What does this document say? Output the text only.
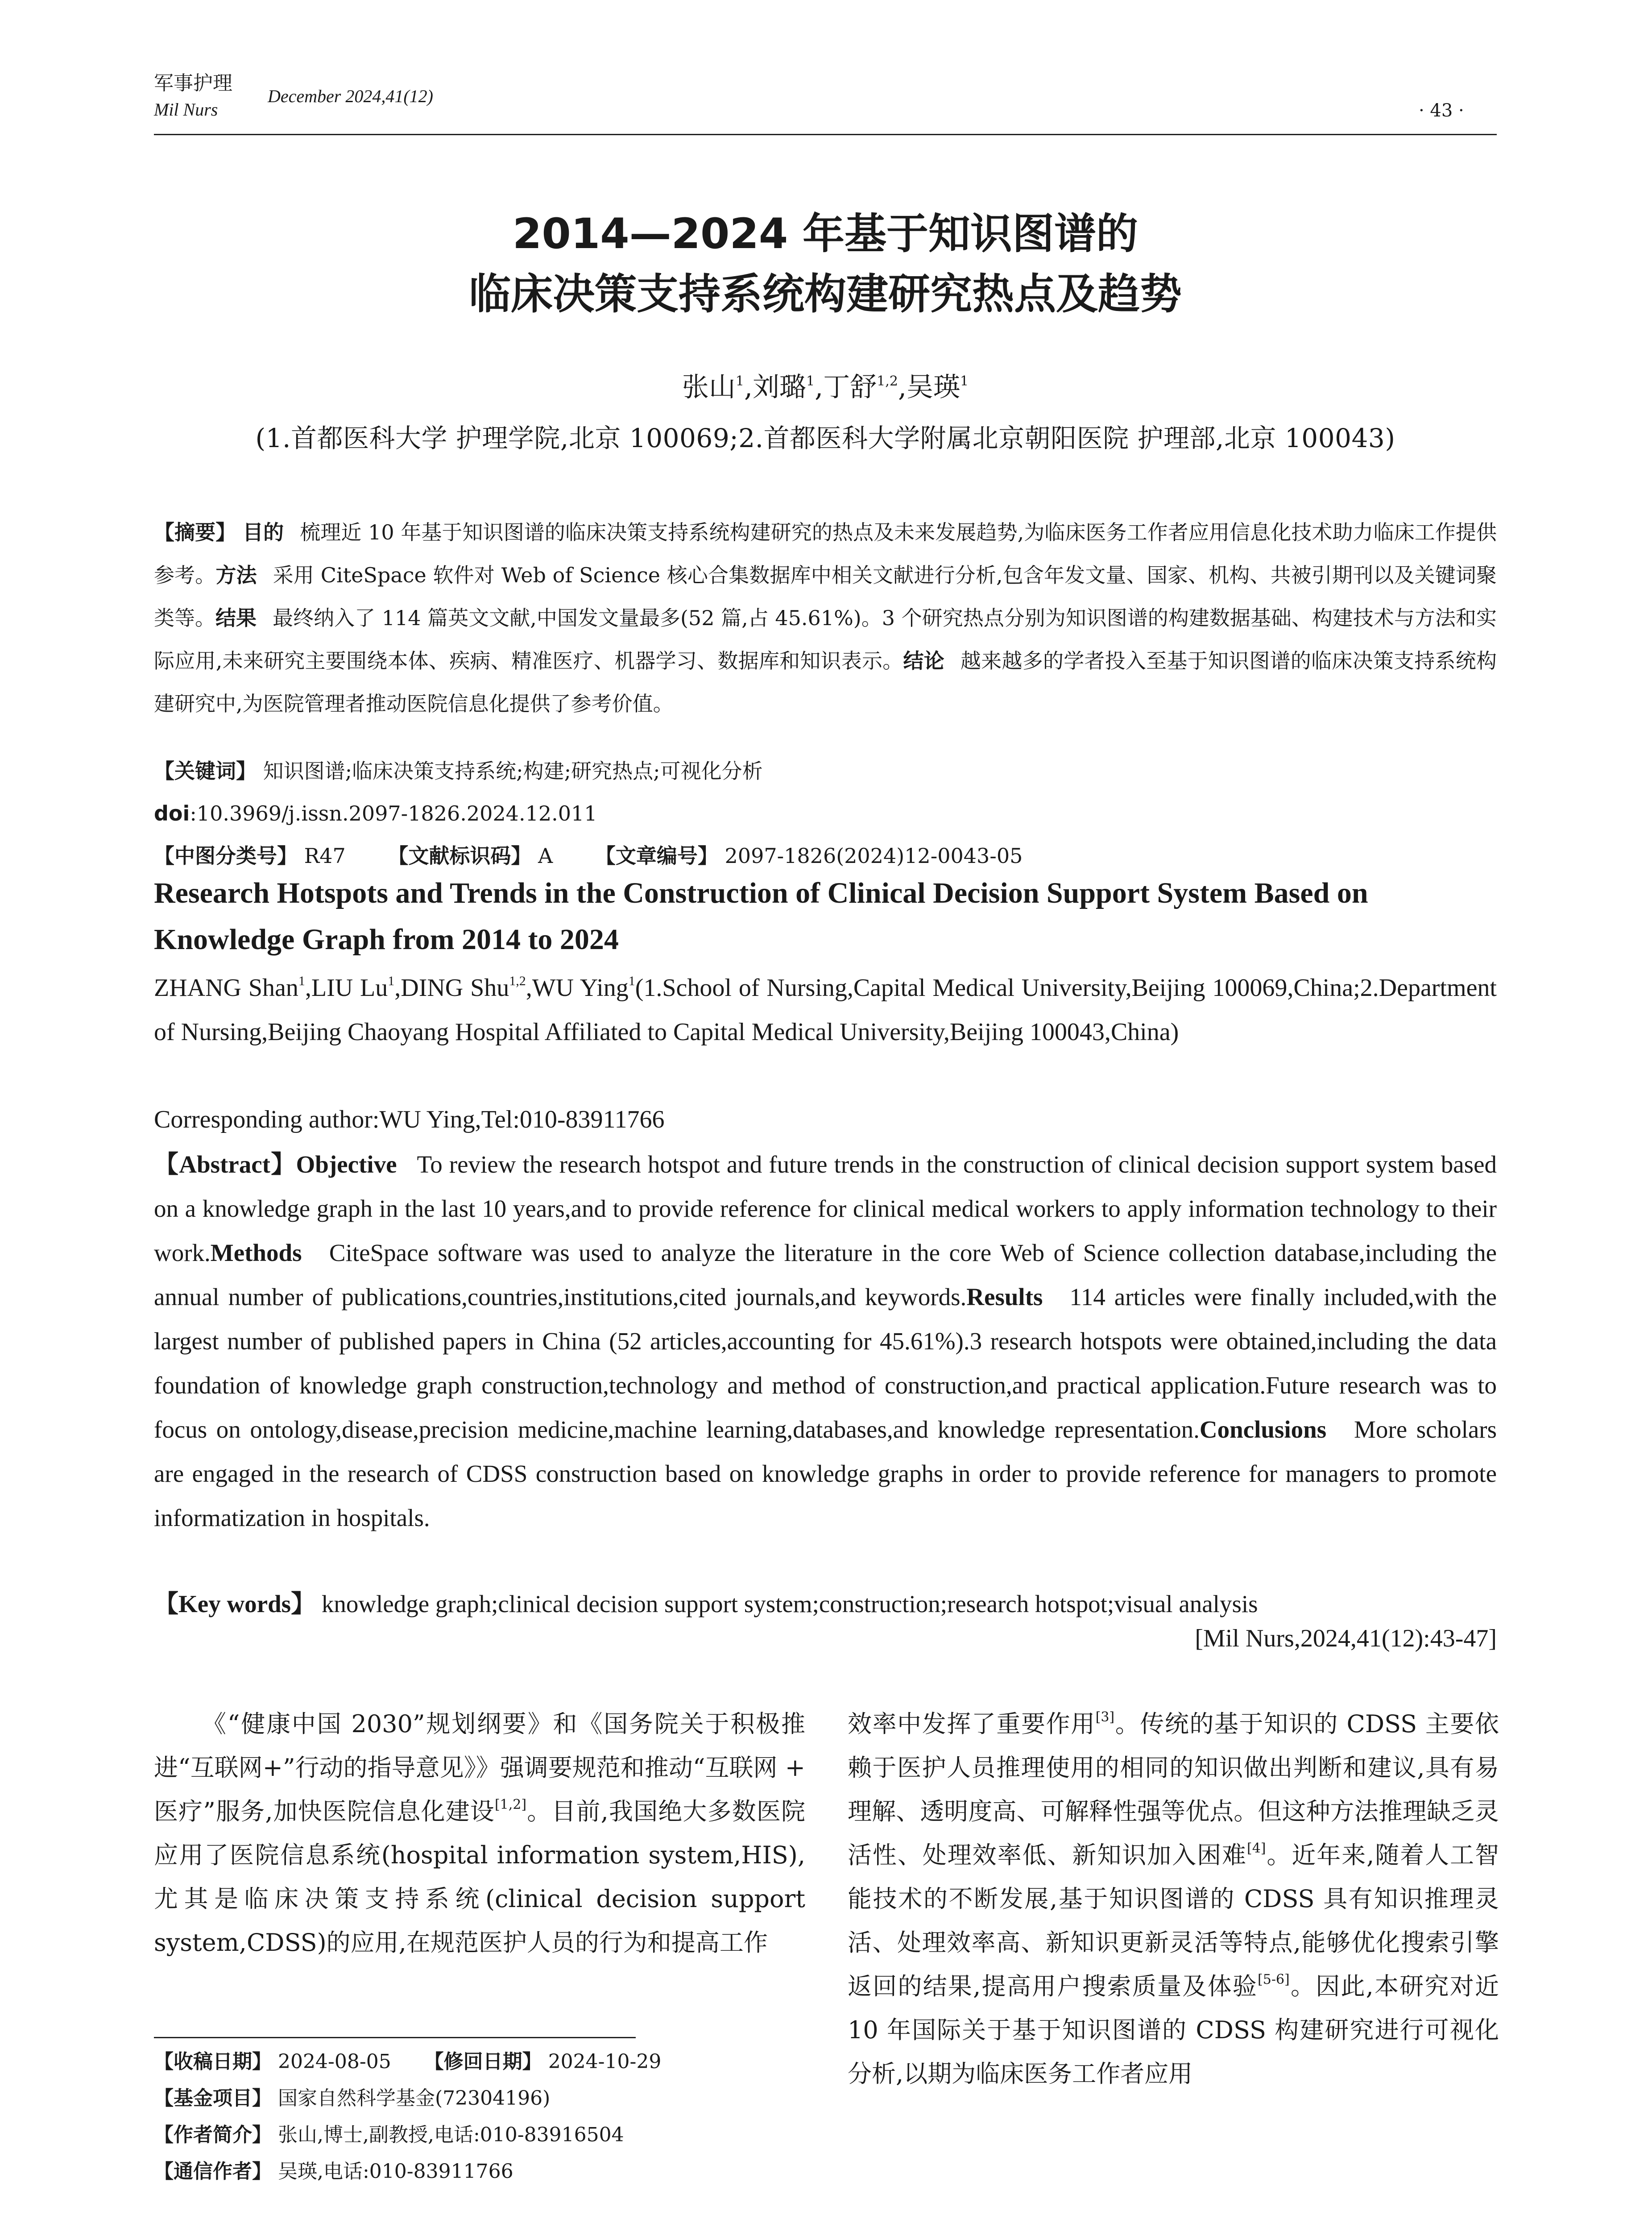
军事护理
Mil Nurs
December 2024,41(12)
· 43 ·
2014—2024 年基于知识图谱的
临床决策支持系统构建研究热点及趋势
张山$^1$,刘璐$^1$,丁舒$^{1,2}$,吴瑛$^1$
(1.首都医科大学 护理学院,北京 100069;2.首都医科大学附属北京朝阳医院 护理部,北京 100043)
【摘要】 目的 梳理近 10 年基于知识图谱的临床决策支持系统构建研究的热点及未来发展趋势,为临床医务工作者应用信息化技术助力临床工作提供参考。方法 采用 CiteSpace 软件对 Web of Science 核心合集数据库中相关文献进行分析,包含年发文量、国家、机构、共被引期刊以及关键词聚类等。结果 最终纳入了 114 篇英文文献,中国发文量最多(52 篇,占 45.61%)。3 个研究热点分别为知识图谱的构建数据基础、构建技术与方法和实际应用,未来研究主要围绕本体、疾病、精准医疗、机器学习、数据库和知识表示。结论 越来越多的学者投入至基于知识图谱的临床决策支持系统构建研究中,为医院管理者推动医院信息化提供了参考价值。
【关键词】 知识图谱;临床决策支持系统;构建;研究热点;可视化分析
doi:10.3969/j.issn.2097-1826.2024.12.011
【中图分类号】 R47 【文献标识码】 A 【文章编号】 2097-1826(2024)12-0043-05
Research Hotspots and Trends in the Construction of Clinical Decision Support System Based on Knowledge Graph from 2014 to 2024
ZHANG Shan$^1$,LIU Lu$^1$,DING Shu$^{1,2}$,WU Ying$^1$(1.School of Nursing,Capital Medical University,Beijing 100069,China;2.Department of Nursing,Beijing Chaoyang Hospital Affiliated to Capital Medical University,Beijing 100043,China)
Corresponding author:WU Ying,Tel:010-83911766
【Abstract】Objective To review the research hotspot and future trends in the construction of clinical decision support system based on a knowledge graph in the last 10 years,and to provide reference for clinical medical workers to apply information technology to their work.Methods CiteSpace software was used to analyze the literature in the core Web of Science collection database,including the annual number of publications,countries,institutions,cited journals,and keywords.Results 114 articles were finally included,with the largest number of published papers in China (52 articles,accounting for 45.61%).3 research hotspots were obtained,including the data foundation of knowledge graph construction,technology and method of construction,and practical application.Future research was to focus on ontology,disease,precision medicine,machine learning,databases,and knowledge representation.Conclusions More scholars are engaged in the research of CDSS construction based on knowledge graphs in order to provide reference for managers to promote informatization in hospitals.
【Key words】 knowledge graph;clinical decision support system;construction;research hotspot;visual analysis
[Mil Nurs,2024,41(12):43-47]
《“健康中国 2030”规划纲要》和《国务院关于积极推进“互联网+”行动的指导意见》》强调要规范和推动“互联网 + 医疗”服务,加快医院信息化建设[1,2]。目前,我国绝大多数医院应用了医院信息系统(hospital information system,HIS),尤其是临床决策支持系统(clinical decision support system,CDSS)的应用,在规范医护人员的行为和提高工作
效率中发挥了重要作用[3]。传统的基于知识的 CDSS 主要依赖于医护人员推理使用的相同的知识做出判断和建议,具有易理解、透明度高、可解释性强等优点。但这种方法推理缺乏灵活性、处理效率低、新知识加入困难[4]。近年来,随着人工智能技术的不断发展,基于知识图谱的 CDSS 具有知识推理灵活、处理效率高、新知识更新灵活等特点,能够优化搜索引擎返回的结果,提高用户搜索质量及体验[5-6]。因此,本研究对近 10 年国际关于基于知识图谱的 CDSS 构建研究进行可视化分析,以期为临床医务工作者应用
【收稿日期】 2024-08-05 【修回日期】 2024-10-29
【基金项目】 国家自然科学基金(72304196)
【作者简介】 张山,博士,副教授,电话:010-83916504
【通信作者】 吴瑛,电话:010-83911766
